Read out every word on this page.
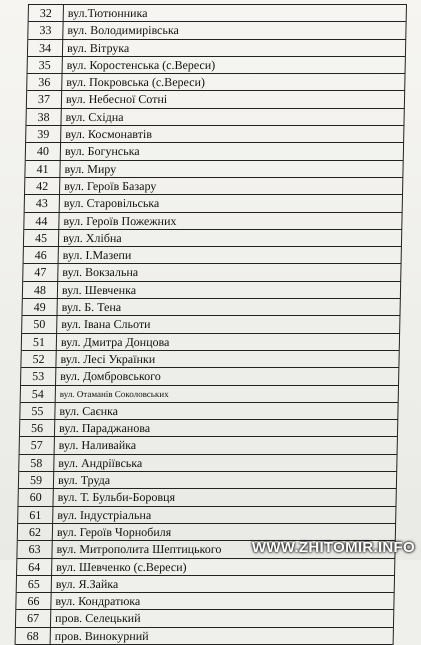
32	вул.Тютюнника
33	вул. Володимирівська
34	вул. Вітрука
35	вул. Коростенська (с.Вереси)
36	вул. Покровська (с.Вереси)
37	вул. Небесної Сотні
38	вул. Східна
39	вул. Космонавтів
40	вул. Богунська
41	вул. Миру
42	вул. Героїв Базару
43	вул. Старовільська
44	вул. Героїв Пожежних
45	вул. Хлібна
46	вул. І.Мазепи
47	вул. Вокзальна
48	вул. Шевченка
49	вул. Б. Тена
50	вул. Івана Сльоти
51	вул. Дмитра Донцова
52	вул. Лесі Українки
53	вул. Домбровського
54	вул. Отаманів Соколовських
55	вул. Саєнка
56	вул. Параджанова
57	вул. Наливайка
58	вул. Андріївська
59	вул. Труда
60	вул. Т. Бульби-Боровця
61	вул. Індустріальна
62	вул. Героїв Чорнобиля
63	вул. Митрополита Шептицького
64	вул. Шевченко (с.Вереси)
65	вул. Я.Зайка
66	вул. Кондратюка
67	пров. Селецький
68	пров. Винокурний
WWW.ZHITOMIR.INFO
